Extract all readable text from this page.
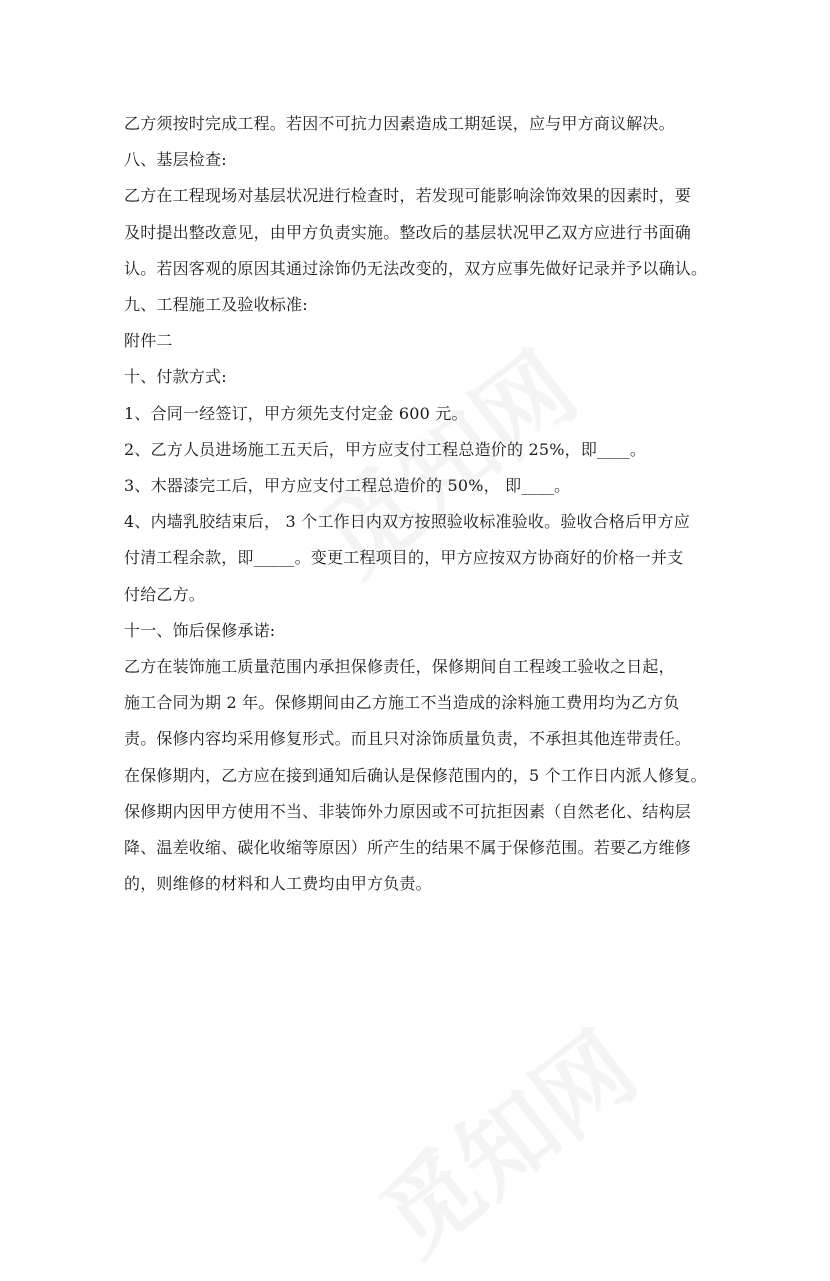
乙方须按时完成工程。若因不可抗力因素造成工期延误，应与甲方商议解决。
八、基层检查:
乙方在工程现场对基层状况进行检查时，若发现可能影响涂饰效果的因素时，要
及时提出整改意见，由甲方负责实施。整改后的基层状况甲乙双方应进行书面确
认。若因客观的原因其通过涂饰仍无法改变的，双方应事先做好记录并予以确认。
九、工程施工及验收标准:
附件二
十、付款方式:
1、合同一经签订，甲方须先支付定金 600 元。
2、乙方人员进场施工五天后，甲方应支付工程总造价的 25%，即____。
3、木器漆完工后，甲方应支付工程总造价的 50%， 即____。
4、内墙乳胶结束后， 3 个工作日内双方按照验收标准验收。验收合格后甲方应
付清工程余款，即_____。变更工程项目的，甲方应按双方协商好的价格一并支
付给乙方。
十一、饰后保修承诺:
乙方在装饰施工质量范围内承担保修责任，保修期间自工程竣工验收之日起，
施工合同为期 2 年。保修期间由乙方施工不当造成的涂料施工费用均为乙方负
责。保修内容均采用修复形式。而且只对涂饰质量负责，不承担其他连带责任。
在保修期内，乙方应在接到通知后确认是保修范围内的，5 个工作日内派人修复。
保修期内因甲方使用不当、非装饰外力原因或不可抗拒因素（自然老化、结构层
降、温差收缩、碳化收缩等原因）所产生的结果不属于保修范围。若要乙方维修
的，则维修的材料和人工费均由甲方负责。
